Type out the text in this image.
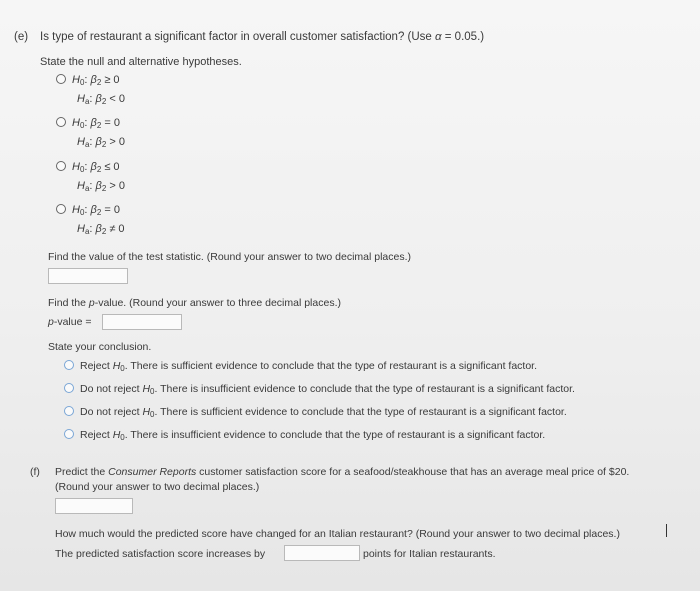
(e) Is type of restaurant a significant factor in overall customer satisfaction? (Use α = 0.05.)
State the null and alternative hypotheses.
$H_0$: $\beta_2 \ge 0$
$H_a$: $\beta_2 < 0$
$H_0$: $\beta_2 = 0$
$H_a$: $\beta_2 > 0$
$H_0$: $\beta_2 \le 0$
$H_a$: $\beta_2 > 0$
$H_0$: $\beta_2 = 0$
$H_a$: $\beta_2 \ne 0$
Find the value of the test statistic. (Round your answer to two decimal places.)
Find the p-value. (Round your answer to three decimal places.)
p-value =
State your conclusion.
Reject $H_0$. There is sufficient evidence to conclude that the type of restaurant is a significant factor.
Do not reject $H_0$. There is insufficient evidence to conclude that the type of restaurant is a significant factor.
Do not reject $H_0$. There is sufficient evidence to conclude that the type of restaurant is a significant factor.
Reject $H_0$. There is insufficient evidence to conclude that the type of restaurant is a significant factor.
(f) Predict the Consumer Reports customer satisfaction score for a seafood/steakhouse that has an average meal price of $20.
(Round your answer to two decimal places.)
How much would the predicted score have changed for an Italian restaurant? (Round your answer to two decimal places.)
The predicted satisfaction score increases by	points for Italian restaurants.
